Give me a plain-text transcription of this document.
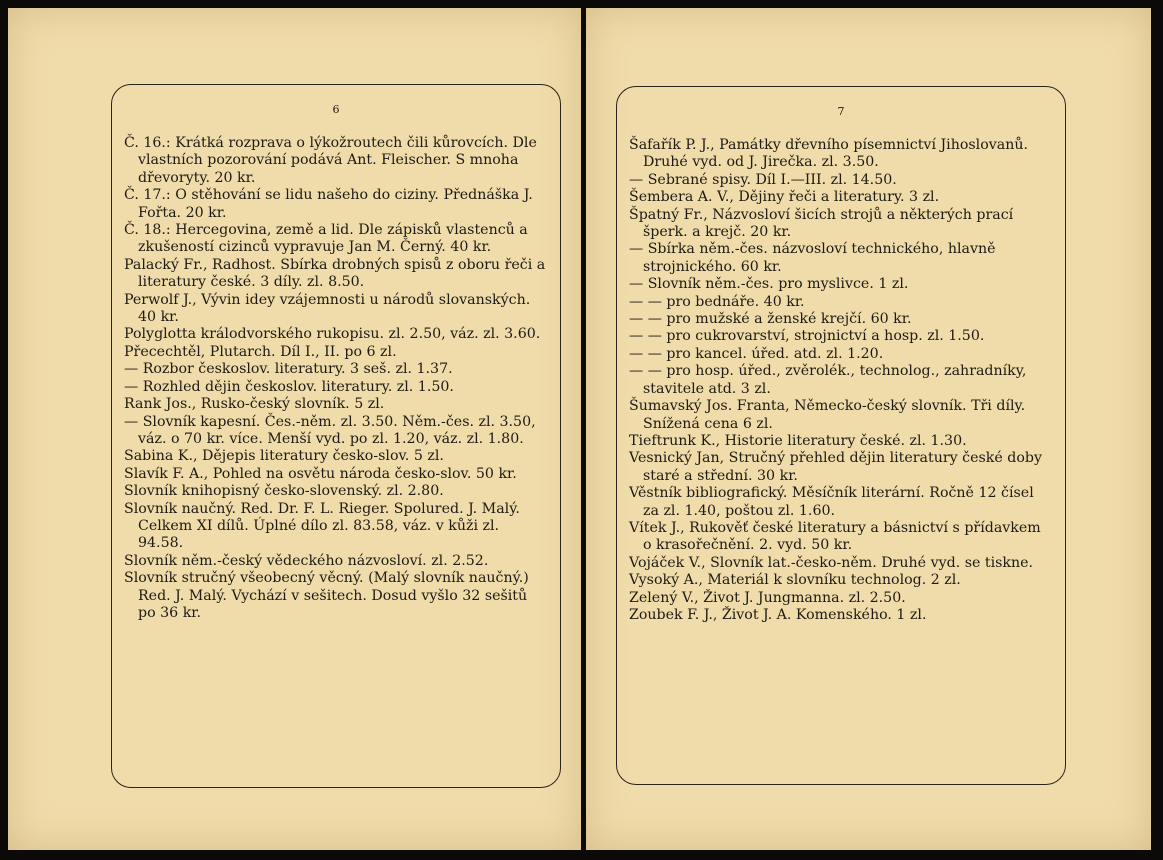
6

Č. 16.: Krátká rozprava o lýkožroutech čili kůrovcích. Dle vlastních pozorování podává Ant. Fleischer. S mnoha dřevoryty. 20 kr.

Č. 17.: O stěhování se lidu našeho do ciziny. Přednáška J. Fořta. 20 kr.

Č. 18.: Hercegovina, země a lid. Dle zápisků vlastenců a zkušeností cizinců vypravuje Jan M. Černý. 40 kr.

Palacký Fr., Radhost. Sbírka drobných spisů z oboru řeči a literatury české. 3 díly. zl. 8.50.

Perwolf J., Vývin idey vzájemnosti u národů slovanských. 40 kr.

Polyglotta králodvorského rukopisu. zl. 2.50, váz. zl. 3.60.

Přecechtěl, Plutarch. Díl I., II. po 6 zl.

— Rozbor českoslov. literatury. 3 seš. zl. 1.37.

— Rozhled dějin českoslov. literatury. zl. 1.50.

Rank Jos., Rusko-český slovník. 5 zl.

— Slovník kapesní. Čes.-něm. zl. 3.50. Něm.-čes. zl. 3.50, váz. o 70 kr. více. Menší vyd. po zl. 1.20, váz. zl. 1.80.

Sabina K., Dějepis literatury česko-slov. 5 zl.

Slavík F. A., Pohled na osvětu národa česko-slov. 50 kr.

Slovník knihopisný česko-slovenský. zl. 2.80.

Slovník naučný. Red. Dr. F. L. Rieger. Spolured. J. Malý. Celkem XI dílů. Úplné dílo zl. 83.58, váz. v kůži zl. 94.58.

Slovník něm.-český vědeckého názvosloví. zl. 2.52.

Slovník stručný všeobecný věcný. (Malý slovník naučný.) Red. J. Malý. Vychází v sešitech. Dosud vyšlo 32 sešitů po 36 kr.

7

Šafařík P. J., Památky dřevního písemnictví Jihoslovanů. Druhé vyd. od J. Jirečka. zl. 3.50.

— Sebrané spisy. Díl I.—III. zl. 14.50.

Šembera A. V., Dějiny řeči a literatury. 3 zl.

Špatný Fr., Názvosloví šicích strojů a některých prací šperk. a krejč. 20 kr.

— Sbírka něm.-čes. názvosloví technického, hlavně strojnického. 60 kr.

— Slovník něm.-čes. pro myslivce. 1 zl.

— — pro bednáře. 40 kr.

— — pro mužské a ženské krejčí. 60 kr.

— — pro cukrovarství, strojnictví a hosp. zl. 1.50.

— — pro kancel. úřed. atd. zl. 1.20.

— — pro hosp. úřed., zvěrolék., technolog., zahradníky, stavitele atd. 3 zl.

Šumavský Jos. Franta, Německo-český slovník. Tři díly. Snížená cena 6 zl.

Tieftrunk K., Historie literatury české. zl. 1.30.

Vesnický Jan, Stručný přehled dějin literatury české doby staré a střední. 30 kr.

Věstník bibliografický. Měsíčník literární. Ročně 12 čísel za zl. 1.40, poštou zl. 1.60.

Vítek J., Rukověť české literatury a básnictví s přídavkem o krasořečnění. 2. vyd. 50 kr.

Vojáček V., Slovník lat.-česko-něm. Druhé vyd. se tiskne.

Vysoký A., Materiál k slovníku technolog. 2 zl.

Zelený V., Život J. Jungmanna. zl. 2.50.

Zoubek F. J., Život J. A. Komenského. 1 zl.
